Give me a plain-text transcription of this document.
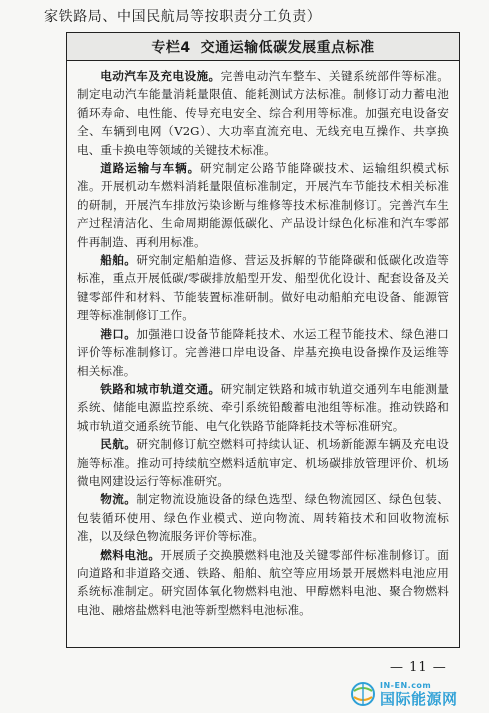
家铁路局、中国民航局等按职责分工负责）
专栏4 交通运输低碳发展重点标准

电动汽车及充电设施。完善电动汽车整车、关键系统部件等标准。制定电动汽车能量消耗量限值、能耗测试方法标准。制修订动力蓄电池循环寿命、电性能、传导充电安全、综合利用等标准。加强充电设备安全、车辆到电网（V2G）、大功率直流充电、无线充电互操作、共享换电、重卡换电等领域的关键技术标准。

道路运输与车辆。研究制定公路节能降碳技术、运输组织模式标准。开展机动车燃料消耗量限值标准制定，开展汽车节能技术相关标准的研制，开展汽车排放污染诊断与维修等技术标准制修订。完善汽车生产过程清洁化、生命周期能源低碳化、产品设计绿色化标准和汽车零部件再制造、再利用标准。

船舶。研究制定船舶造修、营运及拆解的节能降碳和低碳化改造等标准，重点开展低碳/零碳排放船型开发、船型优化设计、配套设备及关键零部件和材料、节能装置标准研制。做好电动船舶充电设备、能源管理等标准制修订工作。

港口。加强港口设备节能降耗技术、水运工程节能技术、绿色港口评价等标准制修订。完善港口岸电设备、岸基充换电设备操作及运维等相关标准。

铁路和城市轨道交通。研究制定铁路和城市轨道交通列车电能测量系统、储能电源监控系统、牵引系统铅酸蓄电池组等标准。推动铁路和城市轨道交通系统节能、电气化铁路节能降耗技术等标准研究。

民航。研究制修订航空燃料可持续认证、机场新能源车辆及充电设施等标准。推动可持续航空燃料适航审定、机场碳排放管理评价、机场微电网建设运行等标准研究。

物流。制定物流设施设备的绿色选型、绿色物流园区、绿色包装、包装循环使用、绿色作业模式、逆向物流、周转箱技术和回收物流标准，以及绿色物流服务评价等标准。

燃料电池。开展质子交换膜燃料电池及关键零部件标准制修订。面向道路和非道路交通、铁路、船舶、航空等应用场景开展燃料电池应用系统标准制定。研究固体氧化物燃料电池、甲醇燃料电池、聚合物燃料电池、融熔盐燃料电池等新型燃料电池标准。

— 11 —
IN-EN.com
国际能源网
